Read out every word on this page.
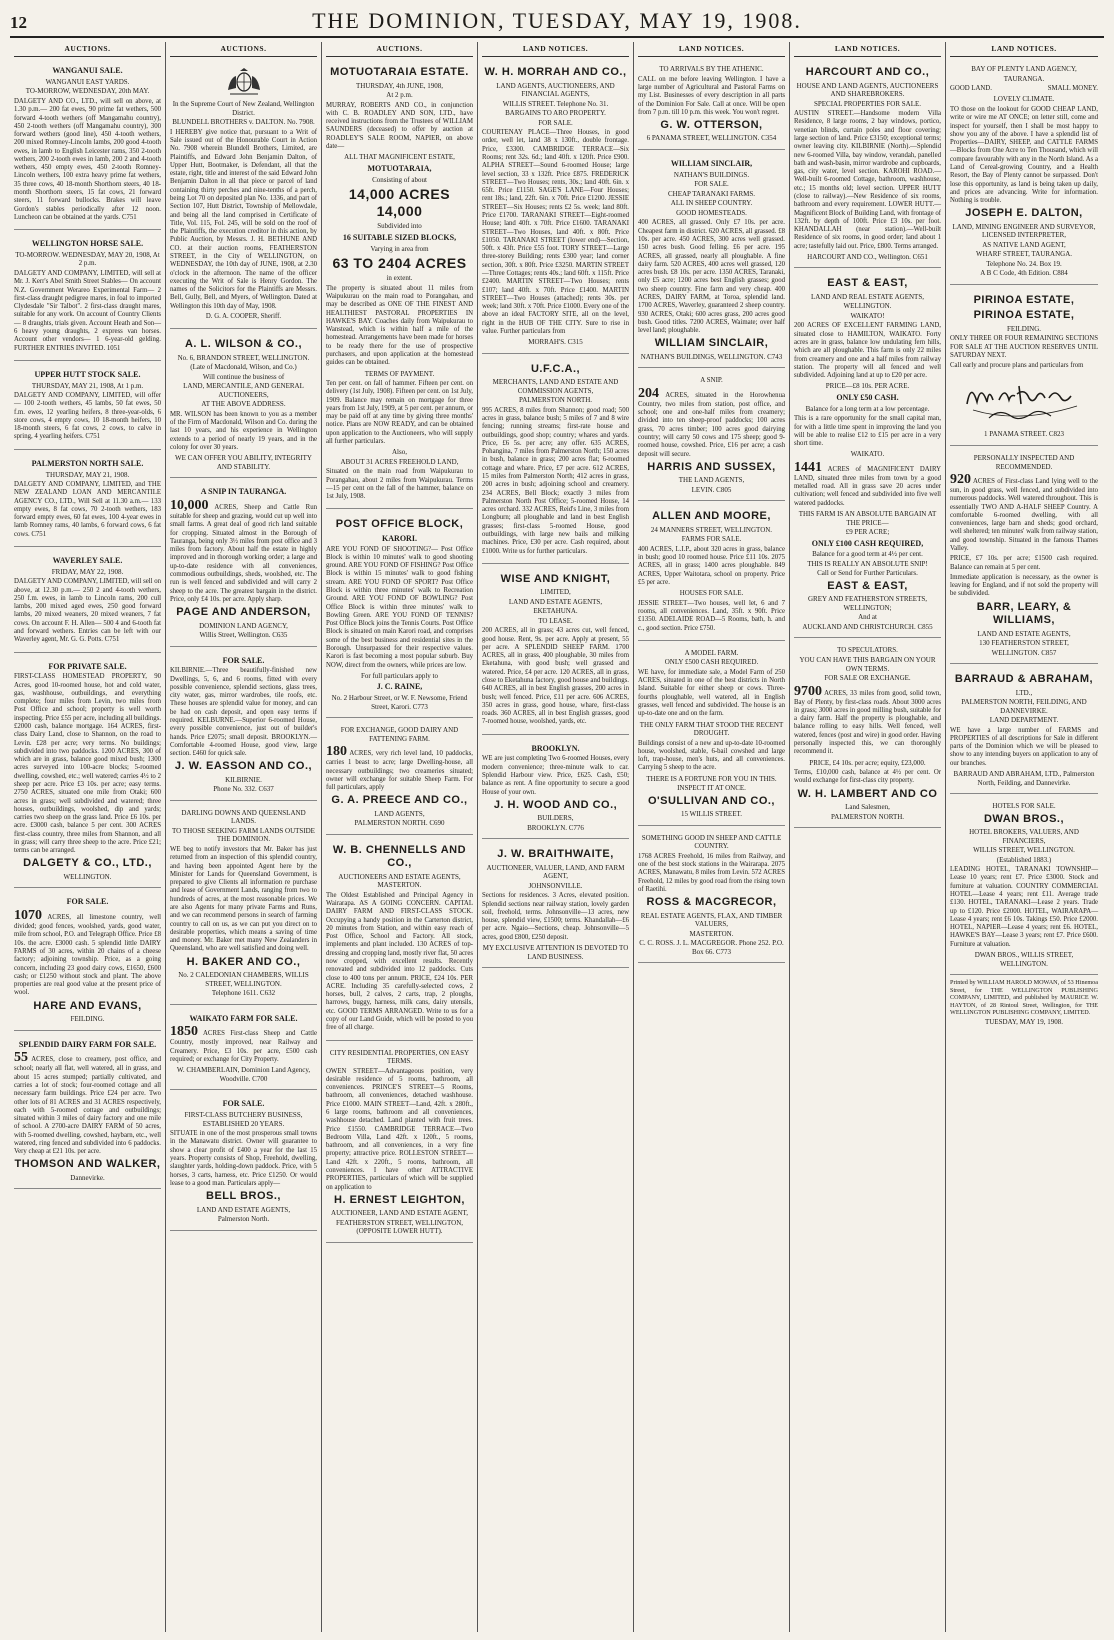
12	THE DOMINION, TUESDAY, MAY 19, 1908.
AUCTIONS.
WANGANUI SALE.
WANGANUI EAST YARDS.
TO-MORROW, WEDNESDAY, 20th MAY.
DALGETY AND CO., LTD., will sell on above, at 1.30 p.m.— 200 fat ewes, 90 prime fat wethers, 500 forward 4-tooth wethers (off Mangamahu country), 450 2-tooth wethers (off Mangamahu country), 300 forward wethers (good line), 450 4-tooth wethers, 200 mixed Romney-Lincoln lambs, 200 good 4-tooth ewes, in lamb to English Leicester rams, 350 2-tooth wethers, 200 2-tooth ewes in lamb, 200 2 and 4-tooth wethers, 450 empty ewes, 450 2-tooth Romney-Lincoln wethers, 100 extra heavy prime fat wethers, 35 three cows, 40 18-month Shorthorn steers, 40 18-month Shorthorn steers, 15 fat cows, 21 forward steers, 11 forward bullocks. Brakes will leave Gordon's stables periodically after 12 noon. Luncheon can be obtained at the yards. C751
WELLINGTON HORSE SALE.
TO-MORROW. WEDNESDAY, MAY 20, 1908, At 2 p.m.
DALGETY AND COMPANY, LIMITED, will sell at Mr. J. Kerr's Abel Smith Street Stables— On account N.Z. Government Werareo Experimental Farm— 2 first-class draught pedigree mares, in foal to imported Clydesdale "Sir Talbot". 2 first-class draught mares, suitable for any work. On account of Country Clients— 8 draughts, trials given. Account Heath and Son— 6 heavy young draughts, 2 express van horses. Account other vendors— 1 6-year-old gelding. FURTHER ENTRIES INVITED. 1051
UPPER HUTT STOCK SALE.
THURSDAY, MAY 21, 1908, At 1 p.m.
DALGETY AND COMPANY, LIMITED, will offer— 100 2-tooth wethers, 45 lambs, 50 fat ewes, 50 f.m. ewes, 12 yearling heifers, 8 three-year-olds, 6 store cows, 4 empty cows, 10 18-month heifers, 10 18-month steers, 6 fat cows, 2 cows, to calve in spring, 4 yearling heifers. C751
PALMERSTON NORTH SALE.
THURSDAY, MAY 21, 1908.
DALGETY AND COMPANY, LIMITED, and THE NEW ZEALAND LOAN AND MERCANTILE AGENCY CO., LTD., Will Sell at 11.30 a.m.— 133 empty ewes, 8 fat cows, 70 2-tooth wethers, 183 forward empty ewes, 60 fat ewes, 100 4-year ewes in lamb Romney rams, 40 lambs, 6 forward cows, 6 fat cows. C751
WAVERLEY SALE.
FRIDAY, MAY 22, 1908.
DALGETY AND COMPANY, LIMITED, will sell on above, at 12.30 p.m.— 250 2 and 4-tooth wethers, 250 f.m. ewes, in lamb to Lincoln rams, 200 cull lambs, 200 mixed aged ewes, 250 good forward lambs, 20 mixed weaners, 20 mixed weaners, 7 fat cows. On account F. H. Allen— 500 4 and 6-tooth fat and forward wethers. Entries can be left with our Waverley agent, Mr. G. G. Potts. C751
FOR PRIVATE SALE.
FIRST-CLASS HOMESTEAD PROPERTY, 90 Acres, good 10-roomed house, hot and cold water, gas, washhouse, outbuildings, and everything complete; four miles from Levin, two miles from Post Office and school; property is well worth inspecting. Price £55 per acre, including all buildings. £2000 cash, balance mortgage. 164 ACRES, first-class Dairy Land, close to Shannon, on the road to Levin. £28 per acre; very terms. No buildings; subdivided into two paddocks. 1200 ACRES, 300 of which are in grass, balance good mixed bush; 1300 acres surveyed into 100-acre blocks; 5-roomed dwelling, cowshed, etc.; well watered; carries 4½ to 2 sheep per acre. Price £3 10s. per acre; easy terms. 2750 ACRES, situated one mile from Otaki; 600 acres in grass; well subdivided and watered; three houses, outbuildings, woolshed, dip and yards; carries two sheep on the grass land. Price £6 10s. per acre. £3000 cash, balance 5 per cent. 300 ACRES first-class country, three miles from Shannon, and all in grass; will carry three sheep to the acre. Price £21; terms can be arranged.
DALGETY & CO., LTD.,
WELLINGTON.
FOR SALE.
1070 ACRES, all limestone country, well divided; good fences, woolshed, yards, good water, mile from school, P.O. and Telegraph Office. Price £8 10s. the acre. £3000 cash. 5 splendid little DAIRY FARMS of 30 acres, within 20 chains of a cheese factory; adjoining township. Price, as a going concern, including 23 good dairy cows, £1650, £600 cash; or £1250 without stock and plant. The above properties are real good value at the present price of wool.
HARE AND EVANS,
FEILDING.
SPLENDID DAIRY FARM FOR SALE.
55 ACRES, close to creamery, post office, and school; nearly all flat, well watered, all in grass, and about 15 acres stumped; partially cultivated, and carries a lot of stock; four-roomed cottage and all necessary farm buildings. Price £24 per acre. Two other lots of 81 ACRES and 31 ACRES respectively, each with 5-roomed cottage and outbuildings; situated within 3 miles of dairy factory and one mile of school. A 2700-acre DAIRY FARM of 50 acres, with 5-roomed dwelling, cowshed, haybarn, etc., well watered, ring fenced and subdivided into 6 paddocks. Very cheap at £21 10s. per acre.
THOMSON AND WALKER,
Dannevirke.
AUCTIONS.
In the Supreme Court of New Zealand, Wellington District.
BLUNDELL BROTHERS v. DALTON. No. 7908.
I HEREBY give notice that, pursuant to a Writ of Sale issued out of the Honourable Court in Action No. 7908 wherein Blundell Brothers, Limited, are Plaintiffs, and Edward John Benjamin Dalton, of Upper Hutt, Bootmaker, is Defendant, all that the estate, right, title and interest of the said Edward John Benjamin Dalton in all that piece or parcel of land containing thirty perches and nine-tenths of a perch, being Lot 70 on deposited plan No. 1336, and part of Section 107, Hutt District, Township of Mellowdale, and being all the land comprised in Certificate of Title, Vol. 115, Fol. 245, will be sold on the roof of the Plaintiffs, the execution creditor in this action, by Public Auction, by Messrs. J. H. BETHUNE AND CO. at their auction rooms, FEATHERSTON STREET, in the City of WELLINGTON, on WEDNESDAY, the 10th day of JUNE, 1908, at 2.30 o'clock in the afternoon. The name of the officer executing the Writ of Sale is Henry Gordon. The names of the Solicitors for the Plaintiffs are Messrs. Bell, Gully, Bell, and Myers, of Wellington. Dated at Wellington this 10th day of May, 1908.
D. G. A. COOPER, Sheriff.
A. L. WILSON & CO.,
No. 6, BRANDON STREET, WELLINGTON.
(Late of Macdonald, Wilson, and Co.)
Will continue the business of
LAND, MERCANTILE, AND GENERAL AUCTIONEERS,
AT THE ABOVE ADDRESS.
MR. WILSON has been known to you as a member of the Firm of Macdonald, Wilson and Co. during the last 10 years, and his experience in Wellington extends to a period of nearly 19 years, and in the colony for over 30 years.
WE CAN OFFER YOU ABILITY, INTEGRITY AND STABILITY.
A SNIP IN TAURANGA.
10,000 ACRES, Sheep and Cattle Run suitable for sheep and grazing, would cut up well into small farms. A great deal of good rich land suitable for cropping. Situated almost in the Borough of Tauranga, being only 3½ miles from post office and 3 miles from factory. About half the estate in highly improved and in thorough working order; a large and up-to-date residence with all conveniences, commodious outbuildings, sheds, woolshed, etc. The run is well fenced and subdivided and will carry 2 sheep to the acre. The greatest bargain in the district. Price, only £4 10s. per acre. Apply sharp.
PAGE AND ANDERSON,
DOMINION LAND AGENCY,
Willis Street, Wellington. C635
FOR SALE.
KILBIRNIE.—Three beautifully-finished new Dwellings, 5, 6, and 6 rooms, fitted with every possible convenience, splendid sections, glass trees, city water, gas, mirror wardrobes, tile roofs, etc. These houses are splendid value for money, and can be had on cash deposit, and open easy terms if required. KELBURNE.—Superior 6-roomed House, every possible convenience, just out of builder's hands. Price £2075; small deposit. BROOKLYN.—Comfortable 4-roomed House, good view, large section. £460 for quick sale.
J. W. EASSON AND CO.,
KILBIRNIE.
Phone No. 332. C637
DARLING DOWNS AND QUEENSLAND LANDS.
TO THOSE SEEKING FARM LANDS OUTSIDE THE DOMINION.
WE beg to notify investors that Mr. Baker has just returned from an inspection of this splendid country, and having been appointed Agent here by the Minister for Lands for Queensland Government, is prepared to give Clients all information re purchase and lease of Government Lands, ranging from two to hundreds of acres, at the most reasonable prices. We are also Agents for many private Farms and Runs, and we can recommend persons in search of farming country to call on us, as we can put you direct on to desirable properties, which means a saving of time and money. Mr. Baker met many New Zealanders in Queensland, who are well satisfied and doing well.
H. BAKER AND CO.,
No. 2 CALEDONIAN CHAMBERS, WILLIS STREET, WELLINGTON.
Telephone 1611. C632
WAIKATO FARM FOR SALE.
1850 ACRES First-class Sheep and Cattle Country, mostly improved, near Railway and Creamery. Price, £3 10s. per acre, £500 cash required; or exchange for City Property.
W. CHAMBERLAIN, Dominion Land Agency, Woodville. C700
FOR SALE.
FIRST-CLASS BUTCHERY BUSINESS, ESTABLISHED 20 YEARS.
SITUATE in one of the most prosperous small towns in the Manawatu district. Owner will guarantee to show a clear profit of £400 a year for the last 15 years. Property consists of Shop, Freehold, dwelling, slaughter yards, holding-down paddock. Price, with 5 horses, 3 carts, harness, etc. Price £1250. Or would lease to a good man. Particulars apply—
BELL BROS.,
LAND AND ESTATE AGENTS,
Palmerston North.
AUCTIONS.
MOTUOTARAIA ESTATE.
THURSDAY, 4th JUNE, 1908,
At 2 p.m.
MURRAY, ROBERTS AND CO., in conjunction with C. B. ROADLEY AND SON, LTD., have received instructions from the Trustees of WILLIAM SAUNDERS (deceased) to offer by auction at ROADLEY'S SALE ROOM, NAPIER, on above date—
ALL THAT MAGNIFICENT ESTATE,
MOTUOTARAIA,
Consisting of about
14,000 ACRES 14,000
Subdivided into
16 SUITABLE SIZED BLOCKS,
Varying in area from
63 TO 2404 ACRES
in extent.
The property is situated about 11 miles from Waipukurau on the main road to Porangahau, and may be described as ONE OF THE FINEST AND HEALTHIEST PASTORAL PROPERTIES IN HAWKE'S BAY. Coaches daily from Waipukurau to Wanstead, which is within half a mile of the homestead. Arrangements have been made for horses to be ready there for the use of prospective purchasers, and upon application at the homestead guides can be obtained.
TERMS OF PAYMENT.
Ten per cent. on fall of hammer. Fifteen per cent. on delivery (1st July, 1908). Fifteen per cent. on 1st July, 1909. Balance may remain on mortgage for three years from 1st July, 1909, at 5 per cent. per annum, or may be paid off at any time by giving three months' notice. Plans are NOW READY, and can be obtained upon application to the Auctioneers, who will supply all further particulars.
Also,
ABOUT 31 ACRES FREEHOLD LAND,
Situated on the main road from Waipukurau to Porangahau, about 2 miles from Waipukurau. Terms—15 per cent on the fall of the hammer, balance on 1st July, 1908.
POST OFFICE BLOCK,
KARORI.
ARE YOU FOND OF SHOOTING?— Post Office Block is within 10 minutes' walk to good shooting ground. ARE YOU FOND OF FISHING? Post Office Block is within 15 minutes' walk to good fishing stream. ARE YOU FOND OF SPORT? Post Office Block is within three minutes' walk to Recreation Ground. ARE YOU FOND OF BOWLING? Post Office Block is within three minutes' walk to Bowling Green. ARE YOU FOND OF TENNIS? Post Office Block joins the Tennis Courts. Post Office Block is situated on main Karori road, and comprises some of the best business and residential sites in the Borough. Unsurpassed for their respective values. Karori is fast becoming a most popular suburb. Buy NOW, direct from the owners, while prices are low.
For full particulars apply to
J. C. RAINE,
No. 2 Harbour Street, or W. F. Newsome, Friend Street, Karori. C773
FOR EXCHANGE, GOOD DAIRY AND FATTENING FARM.
180 ACRES, very rich level land, 10 paddocks, carries 1 beast to acre; large Dwelling-house, all necessary outbuildings; two creameries situated; owner will exchange for suitable Sheep Farm. For full particulars, apply
G. A. PREECE AND CO.,
LAND AGENTS,
PALMERSTON NORTH. C690
W. B. CHENNELLS AND CO.,
AUCTIONEERS AND ESTATE AGENTS, MASTERTON.
The Oldest Established and Principal Agency in Wairarapa. AS A GOING CONCERN. CAPITAL DAIRY FARM AND FIRST-CLASS STOCK. Occupying a handy position in the Carterton district, 20 minutes from Station, and within easy reach of Post Office, School and Factory. All stock, implements and plant included. 130 ACRES of top-dressing and cropping land, mostly river flat, 50 acres now cropped, with excellent results. Recently renovated and subdivided into 12 paddocks. Cuts close to 400 tons per annum. PRICE, £24 10s. PER ACRE. Including 35 carefully-selected cows, 2 horses, bull, 2 calves, 2 carts, trap, 2 ploughs, harrows, buggy, harness, milk cans, dairy utensils, etc. GOOD TERMS ARRANGED. Write to us for a copy of our Land Guide, which will be posted to you free of all charge.
CITY RESIDENTIAL PROPERTIES, ON EASY TERMS.
OWEN STREET—Advantageous position, very desirable residence of 5 rooms, bathroom, all conveniences. PRINCE'S STREET—5 Rooms, bathroom, all conveniences, detached washhouse. Price £1000. MAIN STREET—Land, 42ft. x 280ft., 6 large rooms, bathroom and all conveniences, washhouse detached. Land planted with fruit trees. Price £1550. CAMBRIDGE TERRACE—Two Bedroom Villa, Land 42ft. x 120ft., 5 rooms, bathroom, and all conveniences, in a very fine property; attractive price. ROLLESTON STREET—Land 42ft. x 220ft., 5 rooms, bathroom, all conveniences. I have other ATTRACTIVE PROPERTIES, particulars of which will be supplied on application to
H. ERNEST LEIGHTON,
AUCTIONEER, LAND AND ESTATE AGENT,
FEATHERSTON STREET, WELLINGTON, (OPPOSITE LOWER HUTT).
LAND NOTICES.
W. H. MORRAH AND CO.,
LAND AGENTS, AUCTIONEERS, AND FINANCIAL AGENTS,
WILLIS STREET. Telephone No. 31.
BARGAINS TO ARO PROPERTY.
FOR SALE.
COURTENAY PLACE—Three Houses, in good order, well let, land 38 x 130ft., double frontage. Price, £3300. CAMBRIDGE TERRACE—Six Rooms; rent 32s. 6d.; land 40ft. x 120ft. Price £900. ALPHA STREET—Sound 6-roomed House; large level section, 33 x 132ft. Price £875. FREDERICK STREET—Two Houses; rents, 30s.; land 40ft. 6in. x 65ft. Price £1150. SAGE'S LANE—Four Houses; rent 18s.; land, 22ft. 6in. x 70ft. Price £1200. JESSIE STREET—Six Houses; rents £2 5s. week; land 80ft. Price £1700. TARANAKI STREET—Eight-roomed House; land 40ft. x 70ft. Price £1600. TARANAKI STREET—Two Houses, land 40ft. x 80ft. Price £1050. TARANAKI STREET (lower end)—Section, 50ft. x 43ft. Price £55 foot. TORY STREET—Large three-storey Building; rents £300 year; land corner section, 30ft. x 80ft. Price £3250. MARTIN STREET—Three Cottages; rents 40s.; land 60ft. x 115ft. Price £2400. MARTIN STREET—Two Houses; rents £107; land 40ft. x 70ft. Price £1400. MARTIN STREET—Two Houses (attached); rents 30s. per week; land 30ft. x 70ft. Price £1000. Every one of the above an ideal FACTORY SITE, all on the level, right in the HUB OF THE CITY. Sure to rise in value. Further particulars from
MORRAH'S. C315
U.F.C.A.,
MERCHANTS, LAND AND ESTATE AND COMMISSION AGENTS,
PALMERSTON NORTH.
995 ACRES, 8 miles from Shannon; good road; 500 acres in grass, balance bush; 5 miles of 7 and 8 wire fencing; running streams; first-rate house and outbuildings, good shop; country; whares and yards. Price, £6 5s. per acre; any offer. 635 ACRES, Pohangina, 7 miles from Palmerston North; 150 acres in bush, balance in grass; 200 acres flat; 6-roomed cottage and whare. Price, £7 per acre. 612 ACRES, 15 miles from Palmerston North; 412 acres in grass, 200 acres in bush; adjoining school and creamery. 234 ACRES, Bell Block; exactly 3 miles from Palmerston North Post Office; 5-roomed House, 14 acres orchard. 332 ACRES, Reid's Line, 3 miles from Longburn; all ploughable and land in best English grasses; first-class 5-roomed House, good outbuildings, with large new bails and milking machines. Price, £30 per acre. Cash required, about £1000. Write us for further particulars.
WISE AND KNIGHT,
LIMITED,
LAND AND ESTATE AGENTS,
EKETAHUNA.
TO LEASE.
200 ACRES, all in grass; 43 acres cut, well fenced, good house. Rent, 9s. per acre. Apply at present, 55 per acre. A SPLENDID SHEEP FARM. 1700 ACRES, all in grass, 400 ploughable, 30 miles from Eketahuna, with good bush; well grassed and watered. Price, £4 per acre. 120 ACRES, all in grass, close to Eketahuna factory, good house and buildings. 640 ACRES, all in best English grasses, 200 acres in bush; well fenced. Price, £11 per acre. 606 ACRES, 350 acres in grass, good house, whare, first-class roads. 360 ACRES, all in best English grasses, good 7-roomed house, woolshed, yards, etc.
BROOKLYN.
WE are just completing Two 6-roomed Houses, every modern convenience; three-minute walk to car. Splendid Harbour view. Price, £625. Cash, £50; balance as rent. A fine opportunity to secure a good House of your own.
J. H. WOOD AND CO.,
BUILDERS,
BROOKLYN. C776
J. W. BRAITHWAITE,
AUCTIONEER, VALUER, LAND, AND FARM AGENT,
JOHNSONVILLE.
Sections for residences. 3 Acres, elevated position. Splendid sections near railway station, lovely garden soil, freehold, terms. Johnsonville—13 acres, new house, splendid view, £1500; terms. Khandallah—£6 per acre. Ngaio—Sections, cheap. Johnsonville—5 acres, good £800, £250 deposit.
MY EXCLUSIVE ATTENTION IS DEVOTED TO LAND BUSINESS.
LAND NOTICES.
TO ARRIVALS BY THE ATHENIC.
CALL on me before leaving Wellington. I have a large number of Agricultural and Pastoral Farms on my List. Businesses of every description in all parts of the Dominion For Sale. Call at once. Will be open from 7 p.m. till 10 p.m. this week. You won't regret.
G. W. OTTERSON,
6 PANAMA STREET, WELLINGTON. C354
WILLIAM SINCLAIR,
NATHAN'S BUILDINGS.
FOR SALE.
CHEAP TARANAKI FARMS.
ALL IN SHEEP COUNTRY.
GOOD HOMESTEADS.
400 ACRES, all grassed. Only £7 10s. per acre. Cheapest farm in district. 620 ACRES, all grassed. £8 10s. per acre. 450 ACRES, 300 acres well grassed. 150 acres bush. Good felling. £6 per acre. 195 ACRES, all grassed, nearly all ploughable. A fine dairy farm. 520 ACRES, 400 acres well grassed, 120 acres bush. £8 10s. per acre. 1350 ACRES, Taranaki, only £5 acre; 1200 acres best English grasses; good two sheep country. Fine farm and very cheap. 400 ACRES, DAIRY FARM, at Toroa, splendid land. 1700 ACRES, Waverley, guaranteed 2 sheep country. 930 ACRES, Otaki; 600 acres grass, 200 acres good bush. Good titles. 7200 ACRES, Waimate; over half level land; ploughable.
WILLIAM SINCLAIR,
NATHAN'S BUILDINGS, WELLINGTON. C743
A SNIP.
204 ACRES, situated in the Horowhenua Country, two miles from station, post office, and school; one and one-half miles from creamery; divided into ten sheep-proof paddocks; 100 acres grass, 70 acres timber; 100 acres good dairying country; will carry 50 cows and 175 sheep; good 9-roomed house, cowshed. Price, £16 per acre; a cash deposit will secure.
HARRIS AND SUSSEX,
THE LAND AGENTS,
LEVIN. C805
ALLEN AND MOORE,
24 MANNERS STREET, WELLINGTON.
FARMS FOR SALE.
400 ACRES, L.I.P., about 320 acres in grass, balance in bush; good 10 roomed house. Price £11 10s. 2075 ACRES, all in grass; 1400 acres ploughable. 849 ACRES, Upper Waitotara, school on property. Price £5 per acre.
HOUSES FOR SALE.
JESSIE STREET—Two houses, well let, 6 and 7 rooms, all conveniences. Land, 35ft. x 90ft. Price £1350. ADELAIDE ROAD—5 Rooms, bath, h. and c., good section. Price £750.
A MODEL FARM.
ONLY £500 CASH REQUIRED.
WE have, for immediate sale, a Model Farm of 250 ACRES, situated in one of the best districts in North Island. Suitable for either sheep or cows. Three-fourths ploughable, well watered, all in English grasses, well fenced and subdivided. The house is an up-to-date one and on the farm.
THE ONLY FARM THAT STOOD THE RECENT DROUGHT.
Buildings consist of a new and up-to-date 10-roomed house, woolshed, stable, 6-bail cowshed and large loft, trap-house, men's huts, and all conveniences. Carrying 5 sheep to the acre.
THERE IS A FORTUNE FOR YOU IN THIS.
INSPECT IT AT ONCE.
O'SULLIVAN AND CO.,
15 WILLIS STREET.
SOMETHING GOOD IN SHEEP AND CATTLE COUNTRY.
1768 ACRES Freehold, 16 miles from Railway, and one of the best stock stations in the Wairarapa. 2075 ACRES, Manawatu, 8 miles from Levin. 572 ACRES Freehold, 12 miles by good road from the rising town of Raetihi.
ROSS & MACGRECOR,
REAL ESTATE AGENTS, FLAX, AND TIMBER VALUERS,
MASTERTON.
C. C. ROSS. J. L. MACGREGOR. Phone 252. P.O. Box 66. C773
LAND NOTICES.
HARCOURT AND CO.,
HOUSE AND LAND AGENTS, AUCTIONEERS AND SHAREBROKERS.
SPECIAL PROPERTIES FOR SALE.
AUSTIN STREET.—Handsome modern Villa Residence, 8 large rooms, 2 bay windows, portico, venetian blinds, curtain poles and floor covering; large section of land. Price £3150; exceptional terms; owner leaving city. KILBIRNIE (North).—Splendid new 6-roomed Villa, bay window, verandah, panelled bath and wash-basin, mirror wardrobe and cupboards, gas, city water, level section. KAROHI ROAD.—Well-built 6-roomed Cottage, bathroom, washhouse, etc.; 15 months old; level section. UPPER HUTT (close to railway).—New Residence of six rooms, bathroom and every requirement. LOWER HUTT.—Magnificent Block of Building Land, with frontage of 132ft. by depth of 100ft. Price £3 10s. per foot. KHANDALLAH (near station).—Well-built Residence of six rooms, in good order; land about 1 acre; tastefully laid out. Price, £800. Terms arranged.
HARCOURT AND CO., Wellington. C651
EAST & EAST,
LAND AND REAL ESTATE AGENTS,
WELLINGTON.
WAIKATO!
200 ACRES OF EXCELLENT FARMING LAND, situated close to HAMILTON, WAIKATO. Forty acres are in grass, balance low undulating fern hills, which are all ploughable. This farm is only 22 miles from creamery and one and a half miles from railway station. The property will all fenced and well subdivided. Adjoining land at up to £20 per acre.
PRICE—£8 10s. PER ACRE.
ONLY £50 CASH.
Balance for a long term at a low percentage.
This is a rare opportunity for the small capital man, for with a little time spent in improving the land you will be able to realise £12 to £15 per acre in a very short time.
WAIKATO.
1441 ACRES of MAGNIFICENT DAIRY LAND, situated three miles from town by a good metalled road. All in grass save 20 acres under cultivation; well fenced and subdivided into five well watered paddocks.
THIS FARM IS AN ABSOLUTE BARGAIN AT THE PRICE—
£9 PER ACRE;
ONLY £100 CASH REQUIRED,
Balance for a good term at 4½ per cent.
THIS IS REALLY AN ABSOLUTE SNIP!
Call or Send for Further Particulars.
EAST & EAST,
GREY AND FEATHERSTON STREETS, WELLINGTON;
And at
AUCKLAND AND CHRISTCHURCH. C855
TO SPECULATORS.
YOU CAN HAVE THIS BARGAIN ON YOUR OWN TERMS.
FOR SALE OR EXCHANGE.
9700 ACRES, 33 miles from good, solid town, Bay of Plenty, by first-class roads. About 3000 acres in grass; 3000 acres in good milling bush, suitable for a dairy farm. Half the property is ploughable, and balance rolling to easy hills. Well fenced, well watered, fences (post and wire) in good order. Having personally inspected this, we can thoroughly recommend it.
PRICE, £4 10s. per acre; equity, £23,000.
Terms, £10,000 cash, balance at 4½ per cent. Or would exchange for first-class city property.
W. H. LAMBERT AND CO
Land Salesmen,
PALMERSTON NORTH.
LAND NOTICES.
BAY OF PLENTY LAND AGENCY,
TAURANGA.
GOOD LAND.	SMALL MONEY.
LOVELY CLIMATE.
TO those on the lookout for GOOD CHEAP LAND, write or wire me AT ONCE; on letter still, come and inspect for yourself, then I shall be most happy to show you any of the above. I have a splendid list of Properties—DAIRY, SHEEP, and CATTLE FARMS—Blocks from One Acre to Ten Thousand, which will compare favourably with any in the North Island. As a Land of Cereal-growing Country, and a Health Resort, the Bay of Plenty cannot be surpassed. Don't lose this opportunity, as land is being taken up daily, and prices are advancing. Write for information. Nothing is trouble.
JOSEPH E. DALTON,
LAND, MINING ENGINEER AND SURVEYOR, LICENSED INTERPRETER,
AS NATIVE LAND AGENT,
WHARF STREET, TAURANGA.
Telephone No. 24. Box 19.
A B C Code, 4th Edition. C884
PIRINOA ESTATE,
PIRINOA ESTATE,
FEILDING.
ONLY THREE OR FOUR REMAINING SECTIONS FOR SALE AT THE AUCTION RESERVES UNTIL SATURDAY NEXT.
Call early and procure plans and particulars from
1 PANAMA STREET. C823
PERSONALLY INSPECTED AND RECOMMENDED.
920 ACRES of First-class Land lying well to the sun, in good grass, well fenced, and subdivided into numerous paddocks. Well watered throughout. This is essentially TWO AND A-HALF SHEEP Country. A comfortable 6-roomed dwelling, with all conveniences, large barn and sheds; good orchard, well sheltered; ten minutes' walk from railway station, and good township. Situated in the famous Thames Valley.
PRICE, £7 10s. per acre; £1500 cash required. Balance can remain at 5 per cent.
Immediate application is necessary, as the owner is leaving for England, and if not sold the property will be subdivided.
BARR, LEARY, & WILLIAMS,
LAND AND ESTATE AGENTS,
130 FEATHERSTON STREET,
WELLINGTON. C857
BARRAUD & ABRAHAM,
LTD.,
PALMERSTON NORTH, FEILDING, AND DANNEVIRKE.
LAND DEPARTMENT.
WE have a large number of FARMS and PROPERTIES of all descriptions for Sale in different parts of the Dominion which we will be pleased to show to any intending buyers on application to any of our branches.
BARRAUD AND ABRAHAM, LTD., Palmerston North, Feilding, and Dannevirke.
HOTELS FOR SALE.
DWAN BROS.,
HOTEL BROKERS, VALUERS, AND FINANCIERS,
WILLIS STREET, WELLINGTON.
(Established 1883.)
LEADING HOTEL, TARANAKI TOWNSHIP—Lease 10 years; rent £7. Price £3000. Stock and furniture at valuation. COUNTRY COMMERCIAL HOTEL—Lease 4 years; rent £11. Average trade £130. HOTEL, TARANAKI—Lease 2 years. Trade up to £120. Price £2000. HOTEL, WAIRARAPA—Lease 4 years; rent £6 10s. Takings £50. Price £2000. HOTEL, NAPIER—Lease 4 years; rent £6. HOTEL, HAWKE'S BAY—Lease 3 years; rent £7. Price £600. Furniture at valuation.
DWAN BROS., WILLIS STREET, WELLINGTON.
Printed by WILLIAM HAROLD MOWAN, of 53 Hinemoa Street, for THE WELLINGTON PUBLISHING COMPANY, LIMITED, and published by MAURICE W. HAYTON, of 28 Rintoul Street, Wellington, for THE WELLINGTON PUBLISHING COMPANY, LIMITED.
TUESDAY, MAY 19, 1908.
